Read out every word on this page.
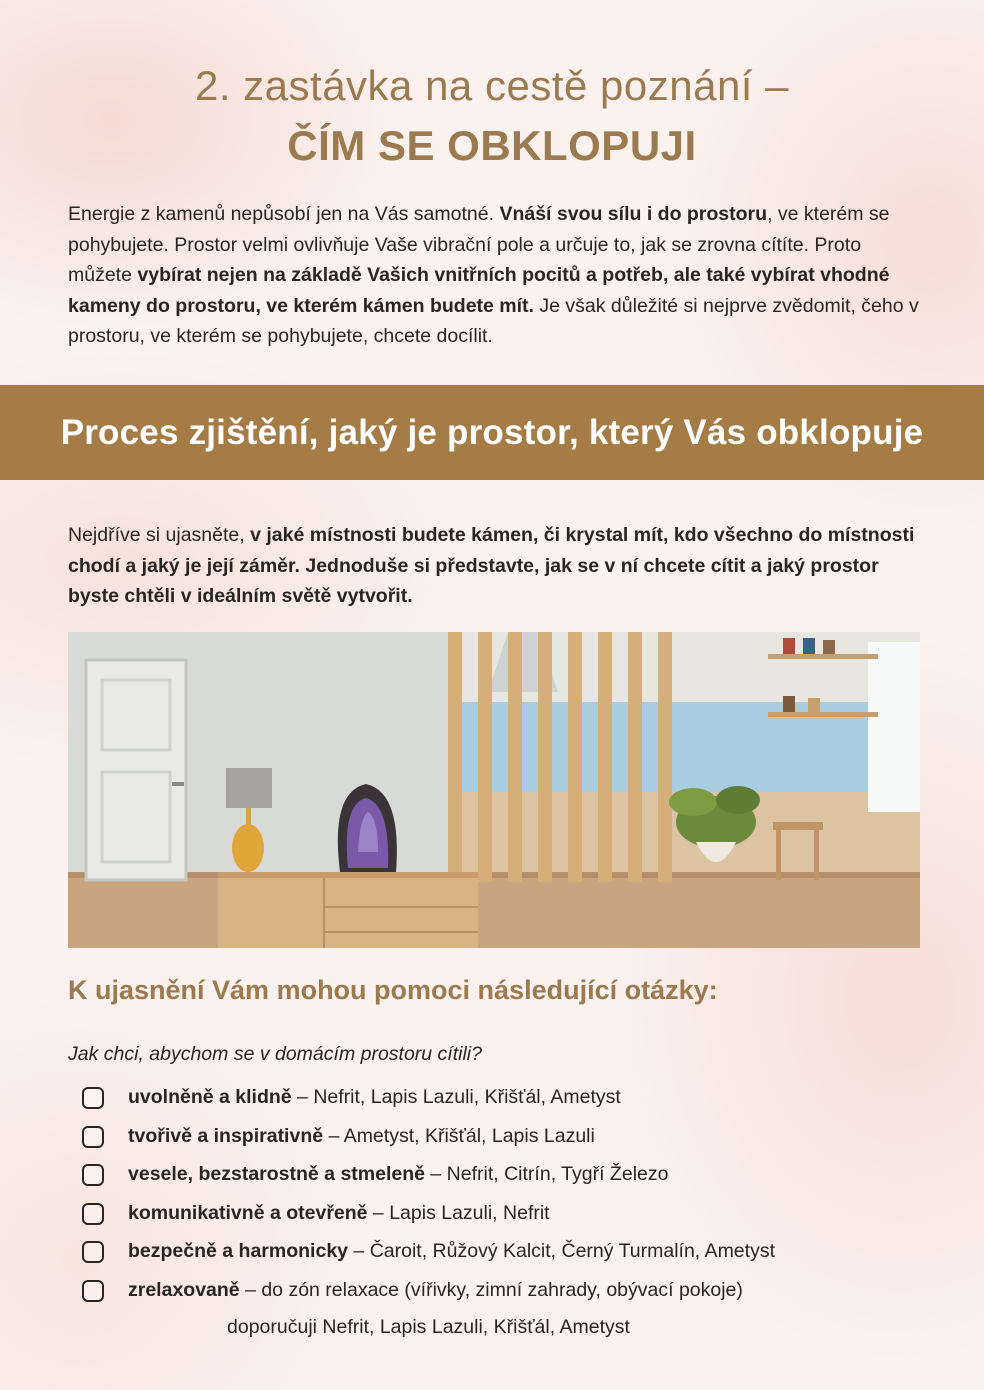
2. zastávka na cestě poznání –
ČÍM SE OBKLOPUJI

Energie z kamenů nepůsobí jen na Vás samotné. Vnáší svou sílu i do prostoru, ve kterém se pohybujete. Prostor velmi ovlivňuje Vaše vibrační pole a určuje to, jak se zrovna cítíte. Proto můžete vybírat nejen na základě Vašich vnitřních pocitů a potřeb, ale také vybírat vhodné kameny do prostoru, ve kterém kámen budete mít. Je však důležité si nejprve zvědomit, čeho v prostoru, ve kterém se pohybujete, chcete docílit.

Proces zjištění, jaký je prostor, který Vás obklopuje

Nejdříve si ujasněte, v jaké místnosti budete kámen, či krystal mít, kdo všechno do místnosti chodí a jaký je její záměr. Jednoduše si představte, jak se v ní chcete cítit a jaký prostor byste chtěli v ideálním světě vytvořit.

K ujasnění Vám mohou pomoci následující otázky:
Jak chci, abychom se v domácím prostoru cítili?
uvolněně a klidně – Nefrit, Lapis Lazuli, Křišťál, Ametyst
tvořivě a inspirativně – Ametyst, Křišťál, Lapis Lazuli
vesele, bezstarostně a stmeleně – Nefrit, Citrín, Tygří Železo
komunikativně a otevřeně – Lapis Lazuli, Nefrit
bezpečně a harmonicky – Čaroit, Růžový Kalcit, Černý Turmalín, Ametyst
zrelaxovaně – do zón relaxace (vířivky, zimní zahrady, obývací pokoje)
doporučuji Nefrit, Lapis Lazuli, Křišťál, Ametyst
